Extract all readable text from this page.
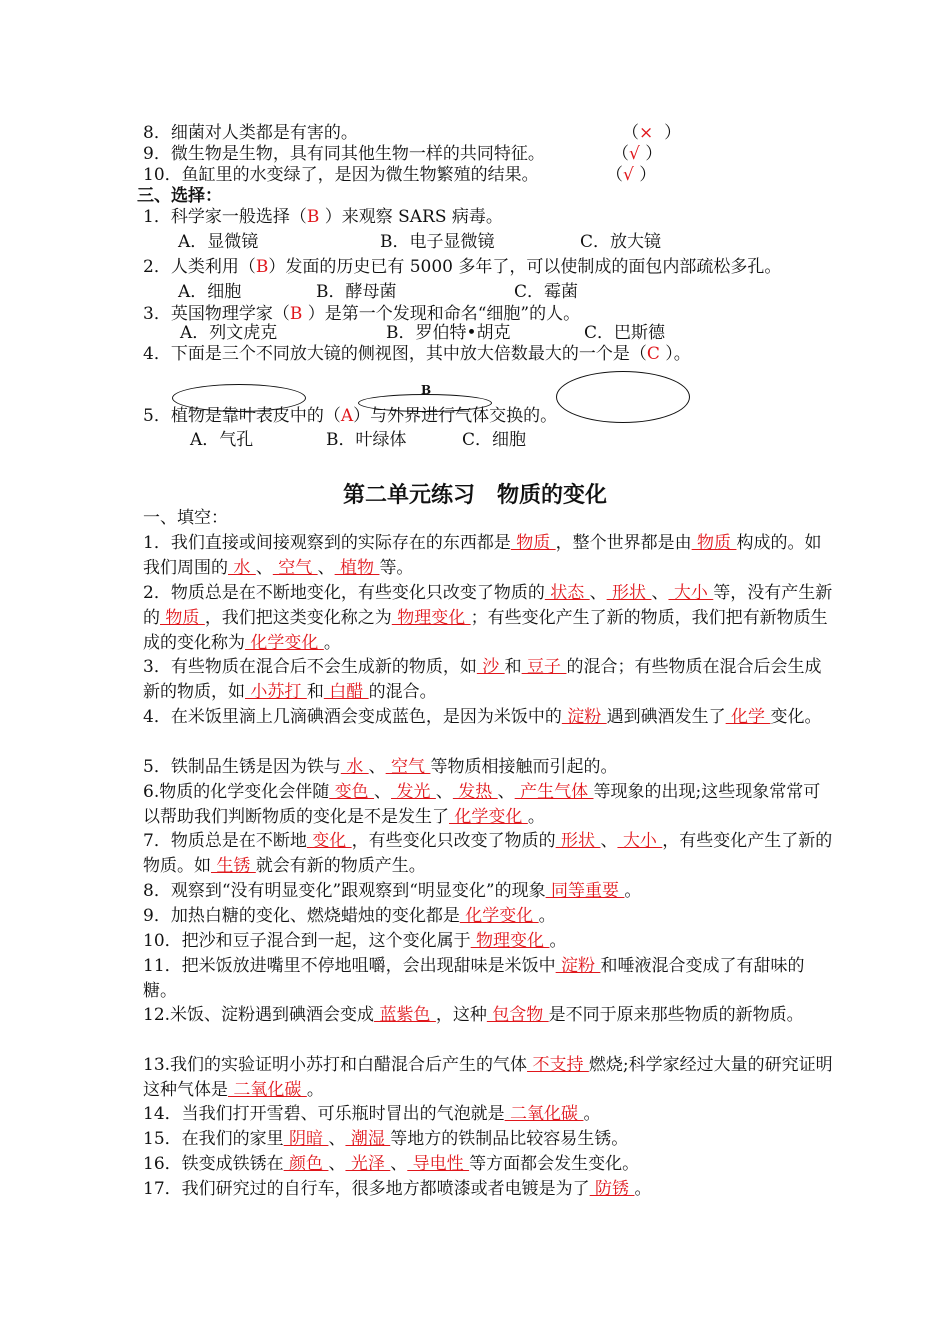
8．细菌对人类都是有害的。	（× ）
9．微生物是生物，具有同其他生物一样的共同特征。	（√ ）
10．鱼缸里的水变绿了，是因为微生物繁殖的结果。	（√ ）
三、选择：
1．科学家一般选择（B ）来观察 SARS 病毒。
A．显微镜	B．电子显微镜	C．放大镜
2．人类利用（B）发面的历史已有 5000 多年了，可以使制成的面包内部疏松多孔。
A．细胞	B．酵母菌	C．霉菌
3．英国物理学家（B ）是第一个发现和命名“细胞”的人。
A．列文虎克	B．罗伯特•胡克	C．巴斯德
4．下面是三个不同放大镜的侧视图，其中放大倍数最大的一个是（C ）。
5．植物是靠叶表皮中的（A）与外界进行气体交换的。
B
A．气孔	B．叶绿体	C．细胞
第二单元练习　物质的变化
一、填空：
1．我们直接或间接观察到的实际存在的东西都是 物质 ，整个世界都是由 物质 构成的。如我们周围的 水 、 空气 、 植物 等。
2．物质总是在不断地变化，有些变化只改变了物质的 状态 、 形状 、 大小 等，没有产生新的 物质 ，我们把这类变化称之为 物理变化 ；有些变化产生了新的物质，我们把有新物质生成的变化称为 化学变化 。
3．有些物质在混合后不会生成新的物质，如 沙 和 豆子 的混合；有些物质在混合后会生成新的物质，如 小苏打 和 白醋 的混合。
4．在米饭里滴上几滴碘酒会变成蓝色，是因为米饭中的 淀粉 遇到碘酒发生了 化学 变化。
5．铁制品生锈是因为铁与 水 、 空气 等物质相接触而引起的。
6.物质的化学变化会伴随 变色 、 发光 、 发热 、 产生气体 等现象的出现;这些现象常常可以帮助我们判断物质的变化是不是发生了 化学变化 。
7．物质总是在不断地 变化 ，有些变化只改变了物质的 形状 、 大小 ，有些变化产生了新的物质。如 生锈 就会有新的物质产生。
8．观察到“没有明显变化”跟观察到“明显变化”的现象 同等重要 。
9．加热白糖的变化、燃烧蜡烛的变化都是 化学变化 。
10．把沙和豆子混合到一起，这个变化属于 物理变化 。
11．把米饭放进嘴里不停地咀嚼，会出现甜味是米饭中 淀粉 和唾液混合变成了有甜味的糖。
12.米饭、淀粉遇到碘酒会变成 蓝紫色 ，这种 包含物 是不同于原来那些物质的新物质。
13.我们的实验证明小苏打和白醋混合后产生的气体 不支持 燃烧;科学家经过大量的研究证明这种气体是 二氧化碳 。
14．当我们打开雪碧、可乐瓶时冒出的气泡就是 二氧化碳 。
15．在我们的家里 阴暗 、 潮湿 等地方的铁制品比较容易生锈。
16．铁变成铁锈在 颜色 、 光泽 、 导电性 等方面都会发生变化。
17．我们研究过的自行车，很多地方都喷漆或者电镀是为了 防锈 。
